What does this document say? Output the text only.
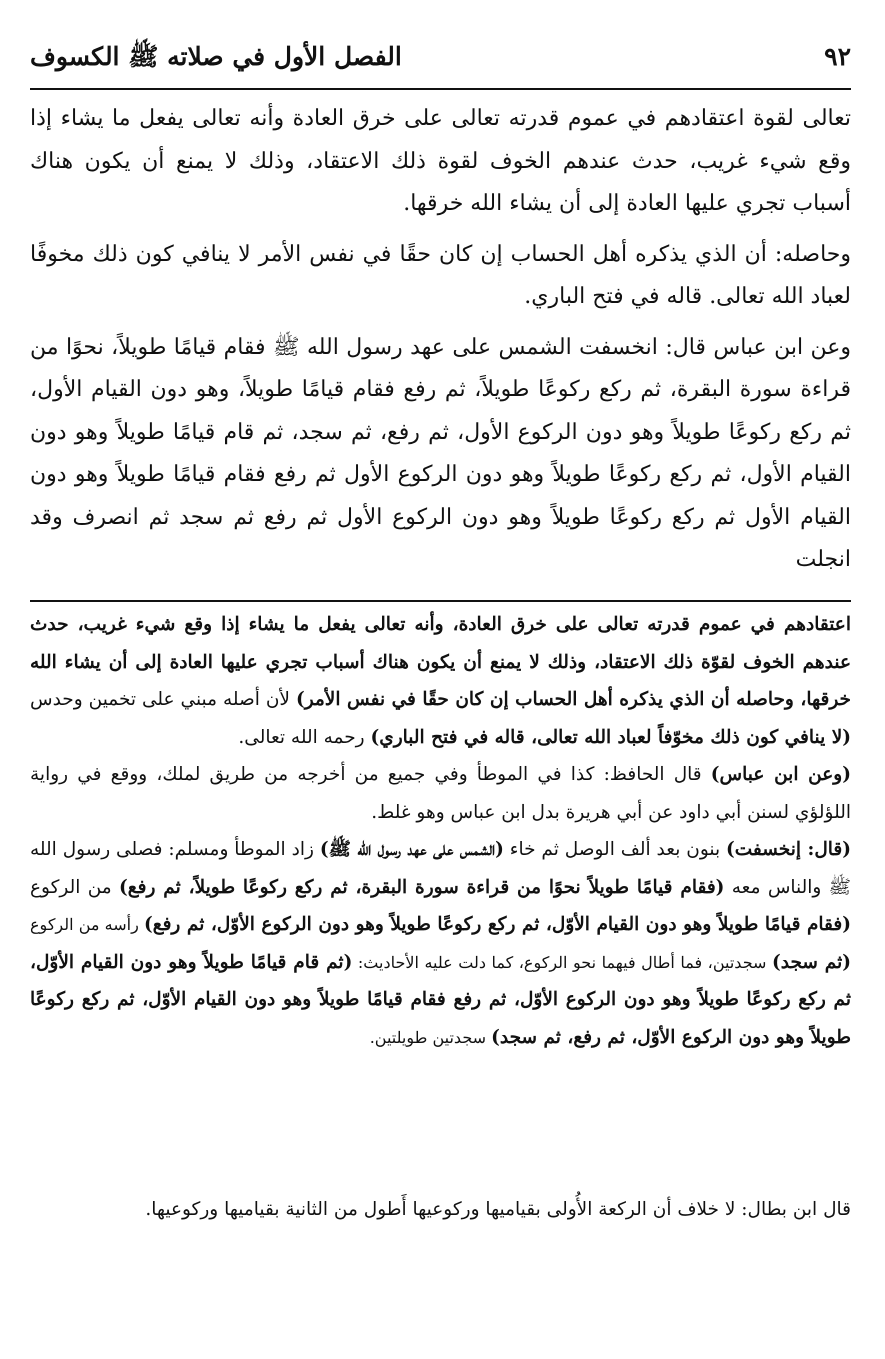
٩٢
الفصل الأول في صلاته ﷺ الكسوف

تعالى لقوة اعتقادهم في عموم قدرته تعالى على خرق العادة وأنه تعالى يفعل ما يشاء إذا وقع شيء غريب، حدث عندهم الخوف لقوة ذلك الاعتقاد، وذلك لا يمنع أن يكون هناك أسباب تجري عليها العادة إلى أن يشاء الله خرقها.

وحاصله: أن الذي يذكره أهل الحساب إن كان حقًا في نفس الأمر لا ينافي كون ذلك مخوفًا لعباد الله تعالى. قاله في فتح الباري.

وعن ابن عباس قال: انخسفت الشمس على عهد رسول الله ﷺ فقام قيامًا طويلاً، نحوًا من قراءة سورة البقرة، ثم ركع ركوعًا طويلاً، ثم رفع فقام قيامًا طويلاً، وهو دون القيام الأول، ثم ركع ركوعًا طويلاً وهو دون الركوع الأول، ثم رفع، ثم سجد، ثم قام قيامًا طويلاً وهو دون القيام الأول، ثم ركع ركوعًا طويلاً وهو دون الركوع الأول ثم رفع فقام قيامًا طويلاً وهو دون القيام الأول ثم ركع ركوعًا طويلاً وهو دون الركوع الأول ثم رفع ثم سجد ثم انصرف وقد انجلت

اعتقادهم في عموم قدرته تعالى على خرق العادة، وأنه تعالى يفعل ما يشاء إذا وقع شيء غريب، حدث عندهم الخوف لقوّة ذلك الاعتقاد، وذلك لا يمنع أن يكون هناك أسباب تجري عليها العادة إلى أن يشاء الله خرقها، وحاصله أن الذي يذكره أهل الحساب إن كان حقًا في نفس الأمر) لأن أصله مبني على تخمين وحدس (لا ينافي كون ذلك مخوّفاً لعباد الله تعالى، قاله في فتح الباري) رحمه الله تعالى.

(وعن ابن عباس) قال الحافظ: كذا في الموطأ وفي جميع من أخرجه من طريق لملك، ووقع في رواية اللؤلؤي لسنن أبي داود عن أبي هريرة بدل ابن عباس وهو غلط.

(قال: إنخسفت) بنون بعد ألف الوصل ثم خاء (الشمس على عهد رسول الله ﷺ) زاد الموطأ ومسلم: فصلى رسول الله ﷺ والناس معه (فقام قيامًا طويلاً نحوًا من قراءة سورة البقرة، ثم ركع ركوعًا طويلاً، ثم رفع) من الركوع (فقام قيامًا طويلاً وهو دون القيام الأوّل، ثم ركع ركوعًا طويلاً وهو دون الركوع الأوّل، ثم رفع) رأسه من الركوع (ثم سجد) سجدتين، فما أطال فيهما نحو الركوع، كما دلت عليه الأحاديث: (ثم قام قيامًا طويلاً وهو دون القيام الأوّل، ثم ركع ركوعًا طويلاً وهو دون الركوع الأوّل، ثم رفع فقام قيامًا طويلاً وهو دون القيام الأوّل، ثم ركع ركوعًا طويلاً وهو دون الركوع الأوّل، ثم رفع، ثم سجد) سجدتين طويلتين.

قال ابن بطال: لا خلاف أن الركعة الأُولى بقياميها وركوعيها أَطول من الثانية بقياميها وركوعيها.
